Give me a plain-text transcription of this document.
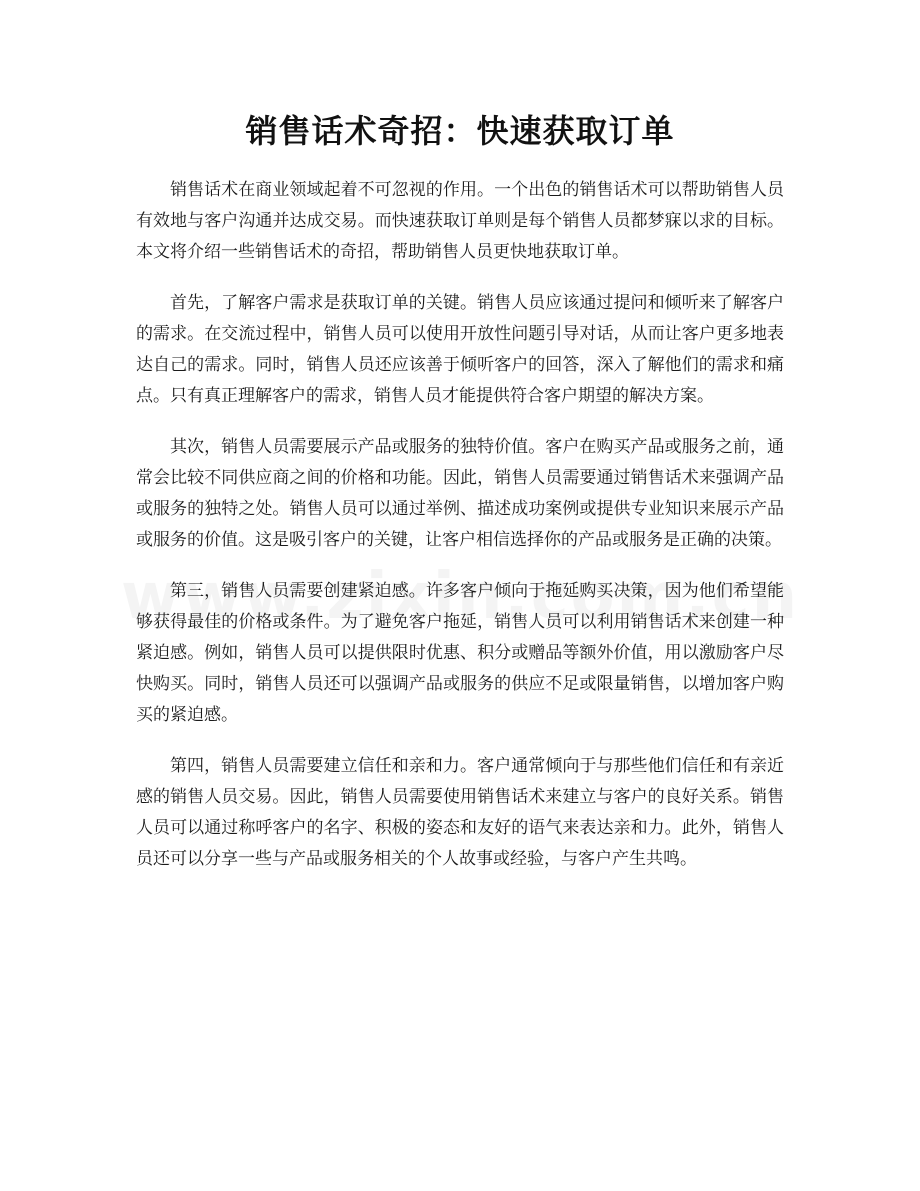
销售话术奇招：快速获取订单

销售话术在商业领域起着不可忽视的作用。一个出色的销售话术可以帮助销售人员有效地与客户沟通并达成交易。而快速获取订单则是每个销售人员都梦寐以求的目标。本文将介绍一些销售话术的奇招，帮助销售人员更快地获取订单。

首先，了解客户需求是获取订单的关键。销售人员应该通过提问和倾听来了解客户的需求。在交流过程中，销售人员可以使用开放性问题引导对话，从而让客户更多地表达自己的需求。同时，销售人员还应该善于倾听客户的回答，深入了解他们的需求和痛点。只有真正理解客户的需求，销售人员才能提供符合客户期望的解决方案。

其次，销售人员需要展示产品或服务的独特价值。客户在购买产品或服务之前，通常会比较不同供应商之间的价格和功能。因此，销售人员需要通过销售话术来强调产品或服务的独特之处。销售人员可以通过举例、描述成功案例或提供专业知识来展示产品或服务的价值。这是吸引客户的关键，让客户相信选择你的产品或服务是正确的决策。

第三，销售人员需要创建紧迫感。许多客户倾向于拖延购买决策，因为他们希望能够获得最佳的价格或条件。为了避免客户拖延，销售人员可以利用销售话术来创建一种紧迫感。例如，销售人员可以提供限时优惠、积分或赠品等额外价值，用以激励客户尽快购买。同时，销售人员还可以强调产品或服务的供应不足或限量销售，以增加客户购买的紧迫感。

第四，销售人员需要建立信任和亲和力。客户通常倾向于与那些他们信任和有亲近感的销售人员交易。因此，销售人员需要使用销售话术来建立与客户的良好关系。销售人员可以通过称呼客户的名字、积极的姿态和友好的语气来表达亲和力。此外，销售人员还可以分享一些与产品或服务相关的个人故事或经验，与客户产生共鸣。
